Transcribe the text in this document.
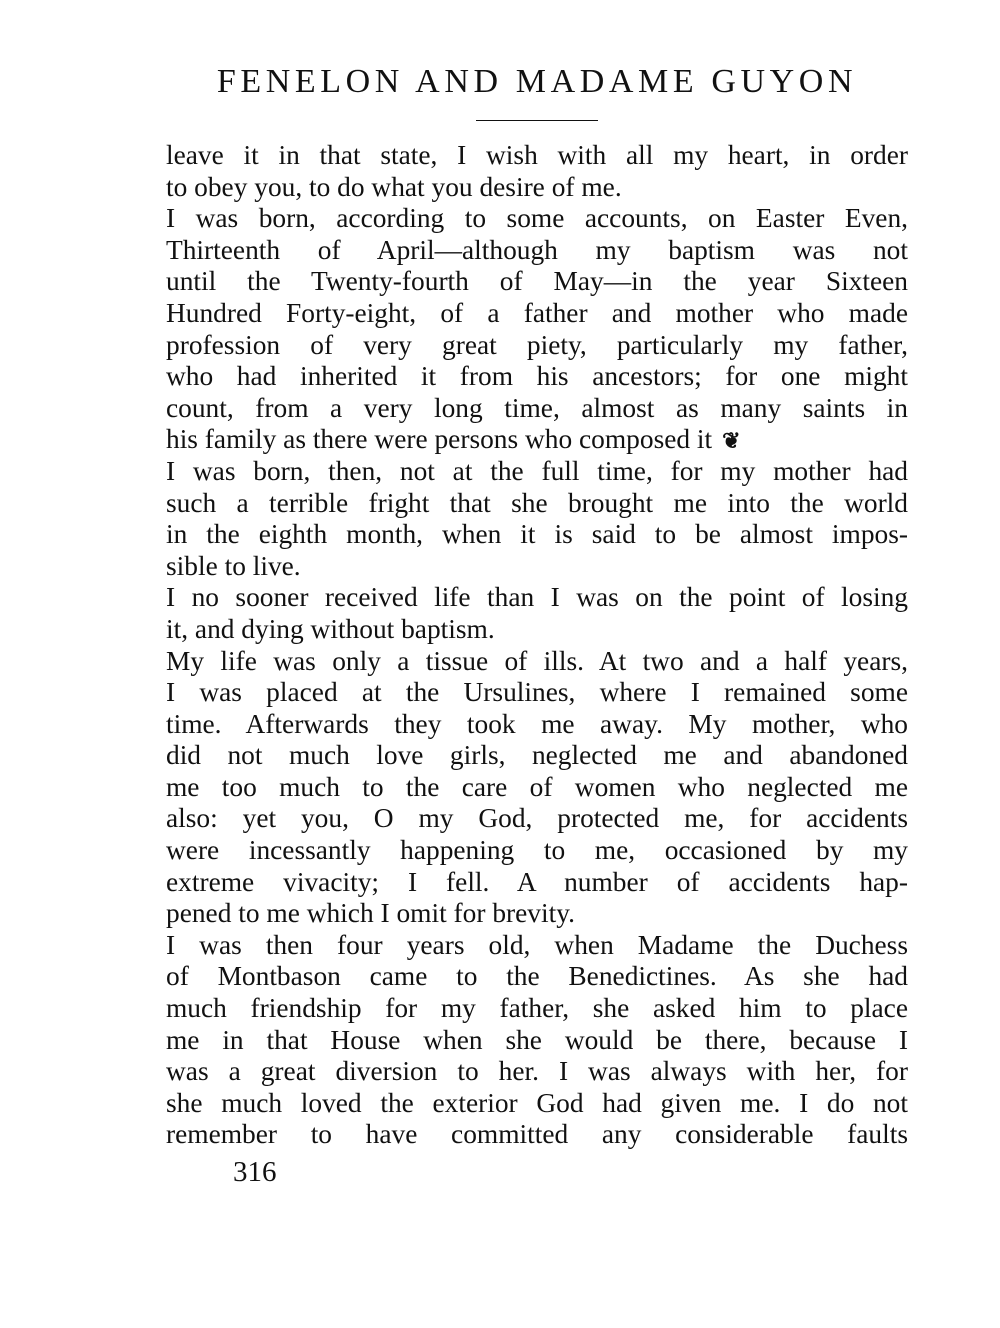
FENELON AND MADAME GUYON
leave it in that state, I wish with all my heart, in order
to obey you, to do what you desire of me.
I was born, according to some accounts, on Easter Even,
Thirteenth of April—although my baptism was not
until the Twenty-fourth of May—in the year Sixteen
Hundred Forty-eight, of a father and mother who made
profession of very great piety, particularly my father,
who had inherited it from his ancestors; for one might
count, from a very long time, almost as many saints in
his family as there were persons who composed it ❦
I was born, then, not at the full time, for my mother had
such a terrible fright that she brought me into the world
in the eighth month, when it is said to be almost impos-
sible to live.
I no sooner received life than I was on the point of losing
it, and dying without baptism.
My life was only a tissue of ills. At two and a half years,
I was placed at the Ursulines, where I remained some
time. Afterwards they took me away. My mother, who
did not much love girls, neglected me and abandoned
me too much to the care of women who neglected me
also: yet you, O my God, protected me, for accidents
were incessantly happening to me, occasioned by my
extreme vivacity; I fell. A number of accidents hap-
pened to me which I omit for brevity.
I was then four years old, when Madame the Duchess
of Montbason came to the Benedictines. As she had
much friendship for my father, she asked him to place
me in that House when she would be there, because I
was a great diversion to her. I was always with her, for
she much loved the exterior God had given me. I do not
remember to have committed any considerable faults
316
